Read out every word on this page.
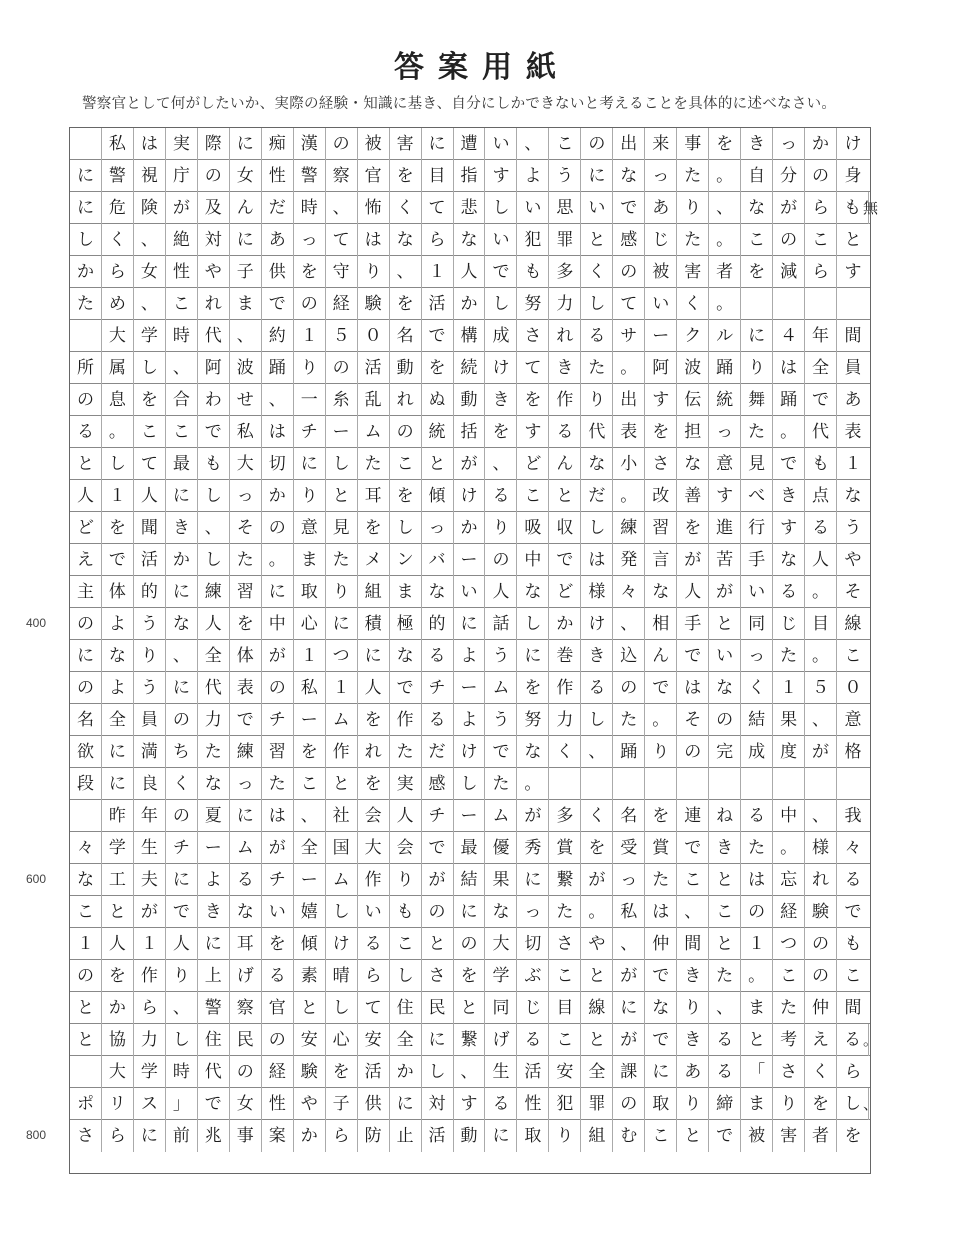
答案用紙
警察官として何がしたいか、実際の経験・知識に基き、自分にしかできないと考えることを具体的に述べなさい。

私 は 実 際 に 痴 漢 の 被 害 に 遭 い 、 こ の 出 来 事 を き っ か け
に 警 視 庁 の 女 性 警 察 官 を 目 指 す よ う に な っ た 。 自 分 の 身
に 危 険 が 及 ん だ 時 、 怖 く て 悲 し い 思 い で あ り 、 な が ら も 無
し く 、 絶 対 に あ っ て は な ら な い 犯 罪 と 感 じ た 。 こ の こ と
か ら 女 性 や 子 供 を 守 り 、 １ 人 で も 多 く の 被 害 者 を 減 ら す
た め 、 こ れ ま で の 経 験 を 活 か し 努 力 し て い く 。

大 学 時 代 、 約 １ ５ ０ 名 で 構 成 さ れ る サ ー ク ル に ４ 年 間
所 属 し 、 阿 波 踊 り の 活 動 を 続 け て き た 。 阿 波 踊 り は 全 員
の 息 を 合 わ せ 、 一 糸 乱 れ ぬ 動 き を 作 り 出 す 伝 統 舞 踊 で あ
る 。 こ こ で 私 は チ ー ム の 統 括 を す る 代 表 を 担 っ た 。 代 表
と し て 最 も 大 切 に し た こ と が 、 ど ん な 小 さ な 意 見 で も １
人 １ 人 に し っ か り と 耳 を 傾 け る こ と だ 。 改 善 す べ き 点 な
ど を 聞 き 、 そ の 意 見 を し っ か り 吸 収 し 練 習 を 進 行 す る う
え で 活 か し た 。 ま た メ ン バ ー の 中 で は 発 言 が 苦 手 な 人 や
主 体 的 に 練 習 に 取 り 組 ま な い 人 な ど 様 々 な 人 が い る 。 そ
の よ う な 人 を 中 心 に 積 極 的 に 話 し か け 、 相 手 と 同 じ 目 線
に な り 、 全 体 が １ つ に な る よ う に 巻 き 込 ん で い っ た 。 こ
の よ う に 代 表 の 私 １ 人 で チ ー ム を 作 る の で は な く １ ５ ０
名 全 員 の 力 で チ ー ム を 作 る よ う 努 力 し た 。 そ の 結 果 、 意
欲 に 満 ち た 練 習 を 作 れ た だ け で な く 、 踊 り の 完 成 度 が 格
段 に 良 く な っ た こ と を 実 感 し た 。

昨 年 の 夏 に は 、 社 会 人 チ ー ム が 多 く 名 を 連 ね る 中 、 我
々 学 生 チ ー ム が 全 国 大 会 で 最 優 秀 賞 を 受 賞 で き た 。 様 々
な 工 夫 に よ る チ ー ム 作 り が 結 果 に 繋 が っ た こ と は 忘 れ る
こ と が で き な い 嬉 し い も の に な っ た 。 私 は 、 こ の 経 験 で
１ 人 １ 人 に 耳 を 傾 け る こ と の 大 切 さ や 、 仲 間 と １ つ の も
の を 作 り 上 げ る 素 晴 ら し さ を 学 ぶ こ と が で き た 。 こ の こ
と か ら 、 警 察 官 と し て 住 民 と 同 じ 目 線 に な り 、 ま た 仲 間
と 協 力 し 住 民 の 安 心 安 全 に 繋 げ る こ と が で き る と 考 え る 。

大 学 時 代 の 経 験 を 活 か し 、 生 活 安 全 課 に あ る 「 さ く ら
ポ リ ス 」 で 女 性 や 子 供 に 対 す る 性 犯 罪 の 取 り 締 ま り を し 、
さ ら に 前 兆 事 案 か ら 防 止 活 動 に 取 り 組 む こ と で 被 害 者 を
400
600
800
